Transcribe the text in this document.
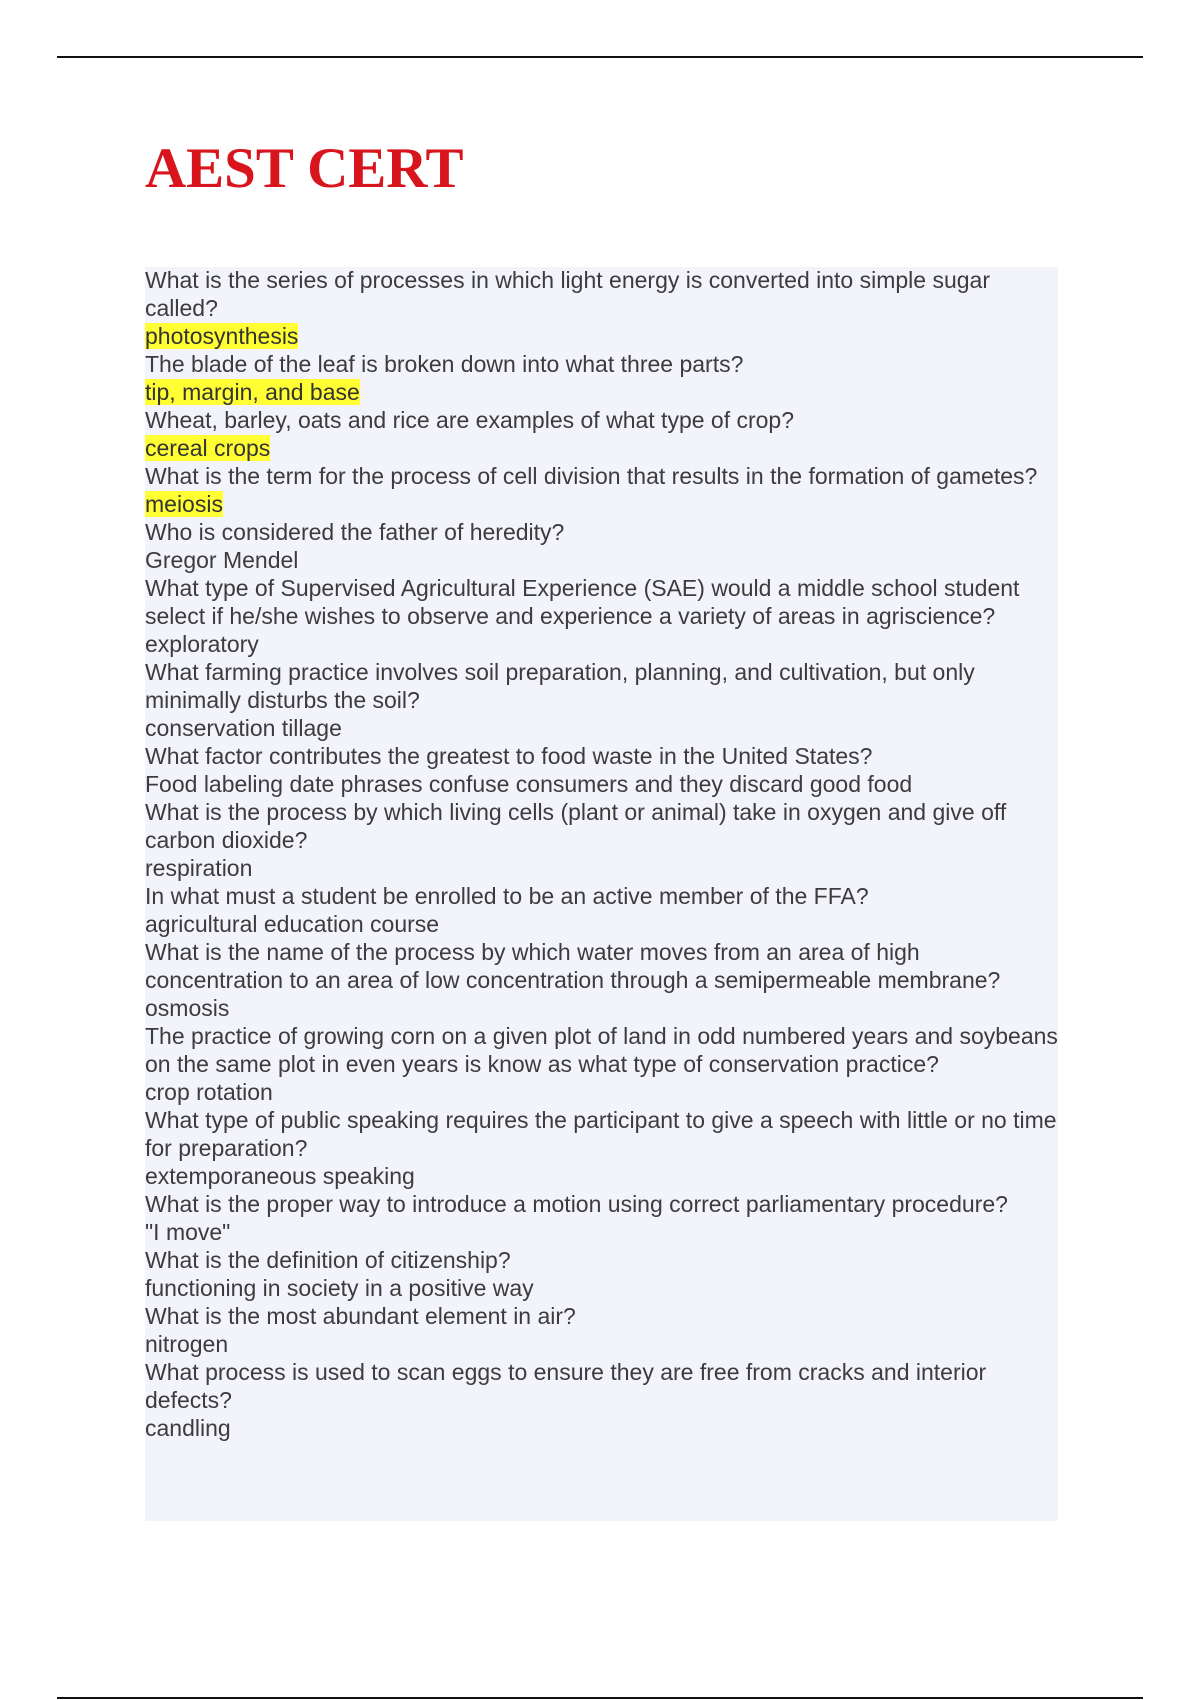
AEST CERT
What is the series of processes in which light energy is converted into simple sugar called?
photosynthesis
The blade of the leaf is broken down into what three parts?
tip, margin, and base
Wheat, barley, oats and rice are examples of what type of crop?
cereal crops
What is the term for the process of cell division that results in the formation of gametes?
meiosis
Who is considered the father of heredity?
Gregor Mendel
What type of Supervised Agricultural Experience (SAE) would a middle school student select if he/she wishes to observe and experience a variety of areas in agriscience?
exploratory
What farming practice involves soil preparation, planning, and cultivation, but only minimally disturbs the soil?
conservation tillage
What factor contributes the greatest to food waste in the United States?
Food labeling date phrases confuse consumers and they discard good food
What is the process by which living cells (plant or animal) take in oxygen and give off carbon dioxide?
respiration
In what must a student be enrolled to be an active member of the FFA?
agricultural education course
What is the name of the process by which water moves from an area of high concentration to an area of low concentration through a semipermeable membrane?
osmosis
The practice of growing corn on a given plot of land in odd numbered years and soybeans on the same plot in even years is know as what type of conservation practice?
crop rotation
What type of public speaking requires the participant to give a speech with little or no time for preparation?
extemporaneous speaking
What is the proper way to introduce a motion using correct parliamentary procedure?
"I move"
What is the definition of citizenship?
functioning in society in a positive way
What is the most abundant element in air?
nitrogen
What process is used to scan eggs to ensure they are free from cracks and interior defects?
candling
